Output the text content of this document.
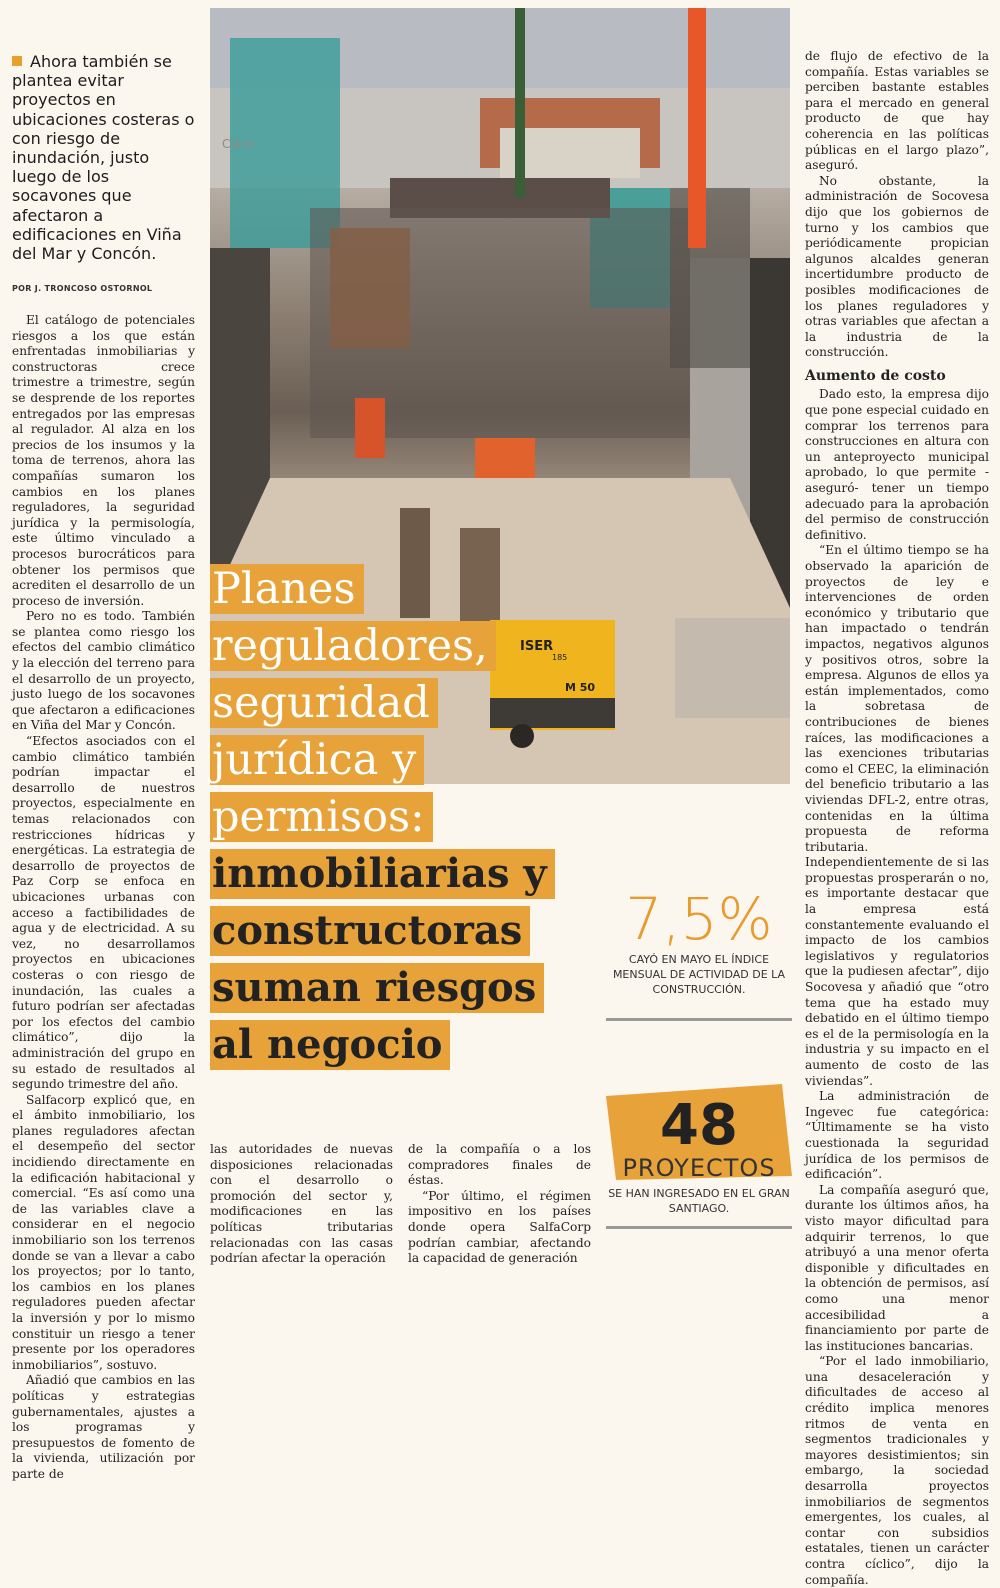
Ahora también se plantea evitar proyectos en ubicaciones costeras o con riesgo de inundación, justo luego de los socavones que afectaron a edificaciones en Viña del Mar y Concón.
POR J. TRONCOSO OSTORNOL

El catálogo de potenciales riesgos a los que están enfrentadas inmobiliarias y constructoras crece trimestre a trimestre, según se desprende de los reportes entregados por las empresas al regulador. Al alza en los precios de los insumos y la toma de terrenos, ahora las compañías sumaron los cambios en los planes reguladores, la seguridad jurídica y la permisología, este último vinculado a procesos burocráticos para obtener los permisos que acrediten el desarrollo de un proceso de inversión.

Pero no es todo. También se plantea como riesgo los efectos del cambio climático y la elección del terreno para el desarrollo de un proyecto, justo luego de los socavones que afectaron a edificaciones en Viña del Mar y Concón.

“Efectos asociados con el cambio climático también podrían impactar el desarrollo de nuestros proyectos, especialmente en temas relacionados con restricciones hídricas y energéticas. La estrategia de desarrollo de proyectos de Paz Corp se enfoca en ubicaciones urbanas con acceso a factibilidades de agua y de electricidad. A su vez, no desarrollamos proyectos en ubicaciones costeras o con riesgo de inundación, las cuales a futuro podrían ser afectadas por los efectos del cambio climático”, dijo la administración del grupo en su estado de resultados al segundo trimestre del año.

Salfacorp explicó que, en el ámbito inmobiliario, los planes reguladores afectan el desempeño del sector incidiendo directamente en la edificación habitacional y comercial. “Es así como una de las variables clave a considerar en el negocio inmobiliario son los terrenos donde se van a llevar a cabo los proyectos; por lo tanto, los cambios en los planes reguladores pueden afectar la inversión y por lo mismo constituir un riesgo a tener presente por los operadores inmobiliarios”, sostuvo.

Añadió que cambios en las políticas y estrategias gubernamentales, ajustes a los programas y presupuestos de fomento de la vivienda, utilización por parte de

Claro·
ISER
M 50
185
Planes
reguladores,
seguridad
jurídica y
permisos:
inmobiliarias y
constructoras
suman riesgos
al negocio

las autoridades de nuevas disposiciones relacionadas con el desarrollo o promoción del sector y, modificaciones en las políticas tributarias relacionadas con las casas podrían afectar la operación

de la compañía o a los compradores finales de éstas.

“Por último, el régimen impositivo en los países donde opera SalfaCorp podrían cambiar, afectando la capacidad de generación

7,5%
CAYÓ EN MAYO EL ÍNDICE MENSUAL DE ACTIVIDAD DE LA CONSTRUCCIÓN.
48
PROYECTOS
SE HAN INGRESADO EN EL GRAN SANTIAGO.

de flujo de efectivo de la compañía. Estas variables se perciben bastante estables para el mercado en general producto de que hay coherencia en las políticas públicas en el largo plazo”, aseguró.

No obstante, la administración de Socovesa dijo que los gobiernos de turno y los cambios que periódicamente propician algunos alcaldes generan incertidumbre producto de posibles modificaciones de los planes reguladores y otras variables que afectan a la industria de la construcción.

Aumento de costo

Dado esto, la empresa dijo que pone especial cuidado en comprar los terrenos para construcciones en altura con un anteproyecto municipal aprobado, lo que permite -aseguró- tener un tiempo adecuado para la aprobación del permiso de construcción definitivo.

“En el último tiempo se ha observado la aparición de proyectos de ley e intervenciones de orden económico y tributario que han impactado o tendrán impactos, negativos algunos y positivos otros, sobre la empresa. Algunos de ellos ya están implementados, como la sobretasa de contribuciones de bienes raíces, las modificaciones a las exenciones tributarias como el CEEC, la eliminación del beneficio tributario a las viviendas DFL-2, entre otras, contenidas en la última propuesta de reforma tributaria. Independientemente de si las propuestas prosperarán o no, es importante destacar que la empresa está constantemente evaluando el impacto de los cambios legislativos y regulatorios que la pudiesen afectar”, dijo Socovesa y añadió que “otro tema que ha estado muy debatido en el último tiempo es el de la permisología en la industria y su impacto en el aumento de costo de las viviendas”.

La administración de Ingevec fue categórica: “Últimamente se ha visto cuestionada la seguridad jurídica de los permisos de edificación”.

La compañía aseguró que, durante los últimos años, ha visto mayor dificultad para adquirir terrenos, lo que atribuyó a una menor oferta disponible y dificultades en la obtención de permisos, así como una menor accesibilidad a financiamiento por parte de las instituciones bancarias.

“Por el lado inmobiliario, una desaceleración y dificultades de acceso al crédito implica menores ritmos de venta en segmentos tradicionales y mayores desistimientos; sin embargo, la sociedad desarrolla proyectos inmobiliarios de segmentos emergentes, los cuales, al contar con subsidios estatales, tienen un carácter contra cíclico”, dijo la compañía.
